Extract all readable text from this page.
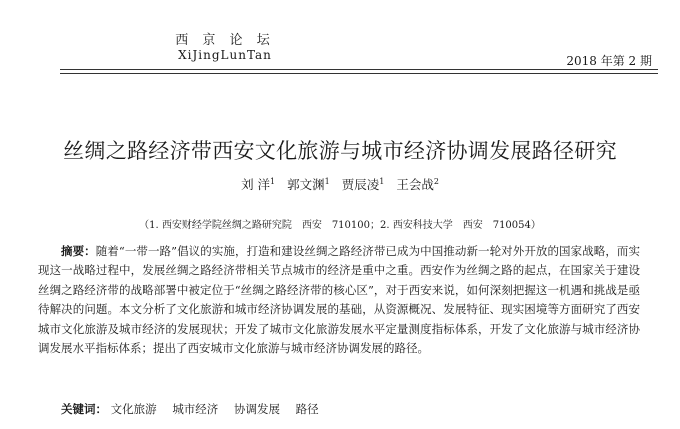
西 京 论 坛
XiJingLunTan	2018 年第 2 期
丝绸之路经济带西安文化旅游与城市经济协调发展路径研究
刘 洋$^1$ 郭文渊$^1$ 贾辰凌$^1$ 王会战$^2$
（1. 西安财经学院丝绸之路研究院　西安　710100；2. 西安科技大学　西安　710054）
摘要：随着“一带一路”倡议的实施，打造和建设丝绸之路经济带已成为中国推动新一轮对外开放的国家战略，而实现这一战略过程中，发展丝绸之路经济带相关节点城市的经济是重中之重。西安作为丝绸之路的起点，在国家关于建设丝绸之路经济带的战略部署中被定位于“丝绸之路经济带的核心区”，对于西安来说，如何深刻把握这一机遇和挑战是亟待解决的问题。本文分析了文化旅游和城市经济协调发展的基础，从资源概况、发展特征、现实困境等方面研究了西安城市文化旅游及城市经济的发展现状；开发了城市文化旅游发展水平定量测度指标体系，开发了文化旅游与城市经济协调发展水平指标体系；提出了西安城市文化旅游与城市经济协调发展的路径。
关键词： 文化旅游 城市经济 协调发展 路径
